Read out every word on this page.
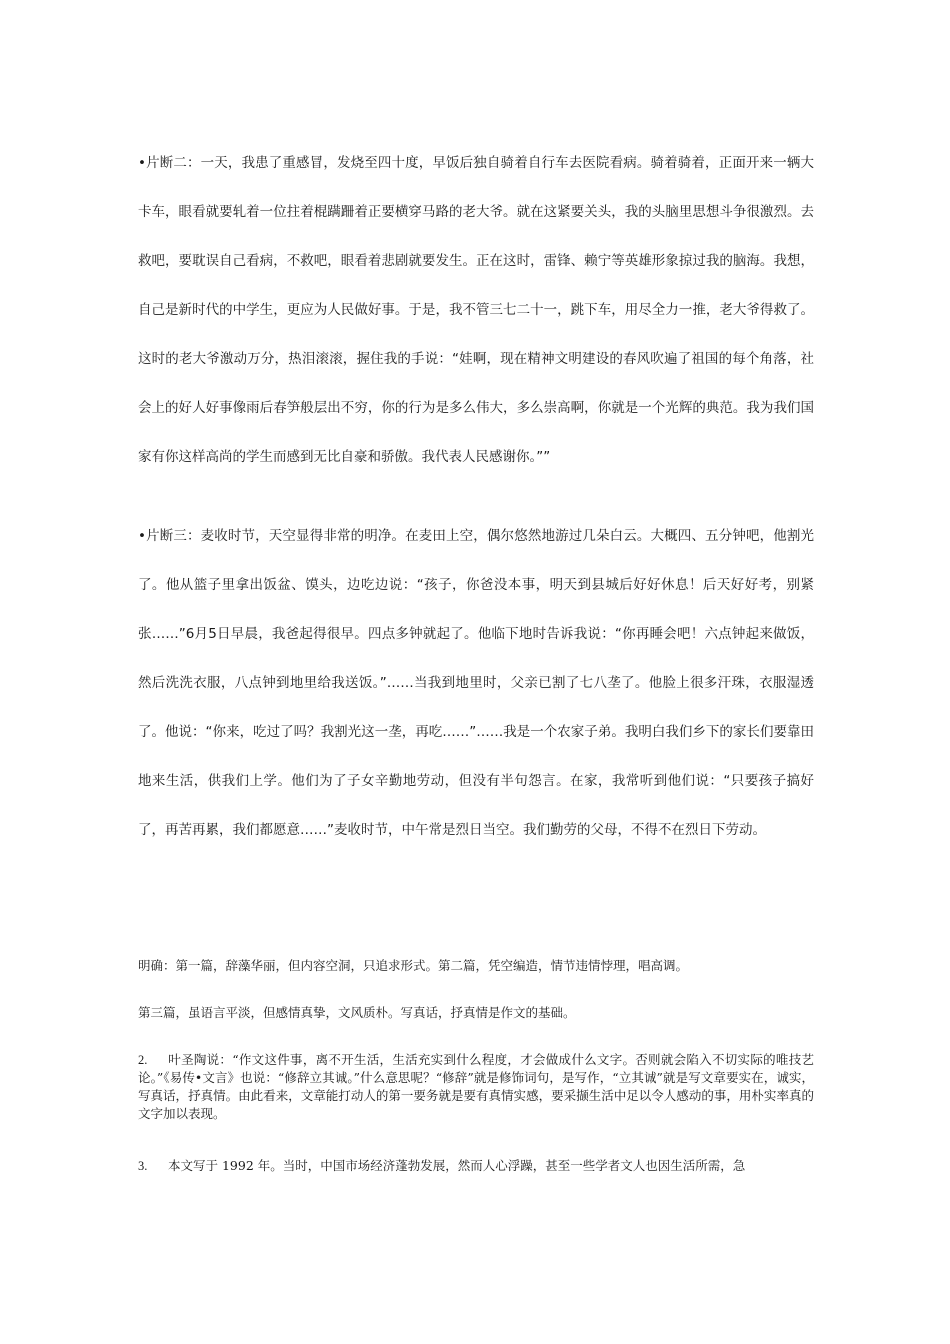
•片断二：一天，我患了重感冒，发烧至四十度，早饭后独自骑着自行车去医院看病。骑着骑着，正面开来一辆大卡车，眼看就要轧着一位拄着棍蹒跚着正要横穿马路的老大爷。就在这紧要关头，我的头脑里思想斗争很激烈。去救吧，要耽误自己看病，不救吧，眼看着悲剧就要发生。正在这时，雷锋、赖宁等英雄形象掠过我的脑海。我想，自己是新时代的中学生，更应为人民做好事。于是，我不管三七二十一，跳下车，用尽全力一推，老大爷得救了。这时的老大爷激动万分，热泪滚滚，握住我的手说：“娃啊，现在精神文明建设的春风吹遍了祖国的每个角落，社会上的好人好事像雨后春笋般层出不穷，你的行为是多么伟大，多么崇高啊，你就是一个光辉的典范。我为我们国家有你这样高尚的学生而感到无比自豪和骄傲。我代表人民感谢你。””

•片断三：麦收时节，天空显得非常的明净。在麦田上空，偶尔悠然地游过几朵白云。大概四、五分钟吧，他割光了。他从篮子里拿出饭盆、馍头，边吃边说：“孩子，你爸没本事，明天到县城后好好休息！后天好好考，别紧张……”6月5日早晨，我爸起得很早。四点多钟就起了。他临下地时告诉我说：“你再睡会吧！六点钟起来做饭，然后洗洗衣服，八点钟到地里给我送饭。”……当我到地里时，父亲已割了七八垄了。他脸上很多汗珠，衣服湿透了。他说：“你来，吃过了吗？我割光这一垄，再吃……”……我是一个农家子弟。我明白我们乡下的家长们要靠田地来生活，供我们上学。他们为了子女辛勤地劳动，但没有半句怨言。在家，我常听到他们说：“只要孩子搞好了，再苦再累，我们都愿意……”麦收时节，中午常是烈日当空。我们勤劳的父母，不得不在烈日下劳动。

明确：第一篇，辞藻华丽，但内容空洞，只追求形式。第二篇，凭空编造，情节违情悖理，唱高调。

第三篇，虽语言平淡，但感情真挚，文风质朴。写真话，抒真情是作文的基础。

2. 叶圣陶说：“作文这件事，离不开生活，生活充实到什么程度，才会做成什么文字。否则就会陷入不切实际的唯技艺论。”《易传•文言》也说：“修辞立其诚。”什么意思呢？“修辞”就是修饰词句，是写作，“立其诚”就是写文章要实在，诚实，写真话，抒真情。由此看来，文章能打动人的第一要务就是要有真情实感，要采撷生活中足以令人感动的事，用朴实率真的文字加以表现。

3. 本文写于 1992 年。当时，中国市场经济蓬勃发展，然而人心浮躁，甚至一些学者文人也因生活所需，急
